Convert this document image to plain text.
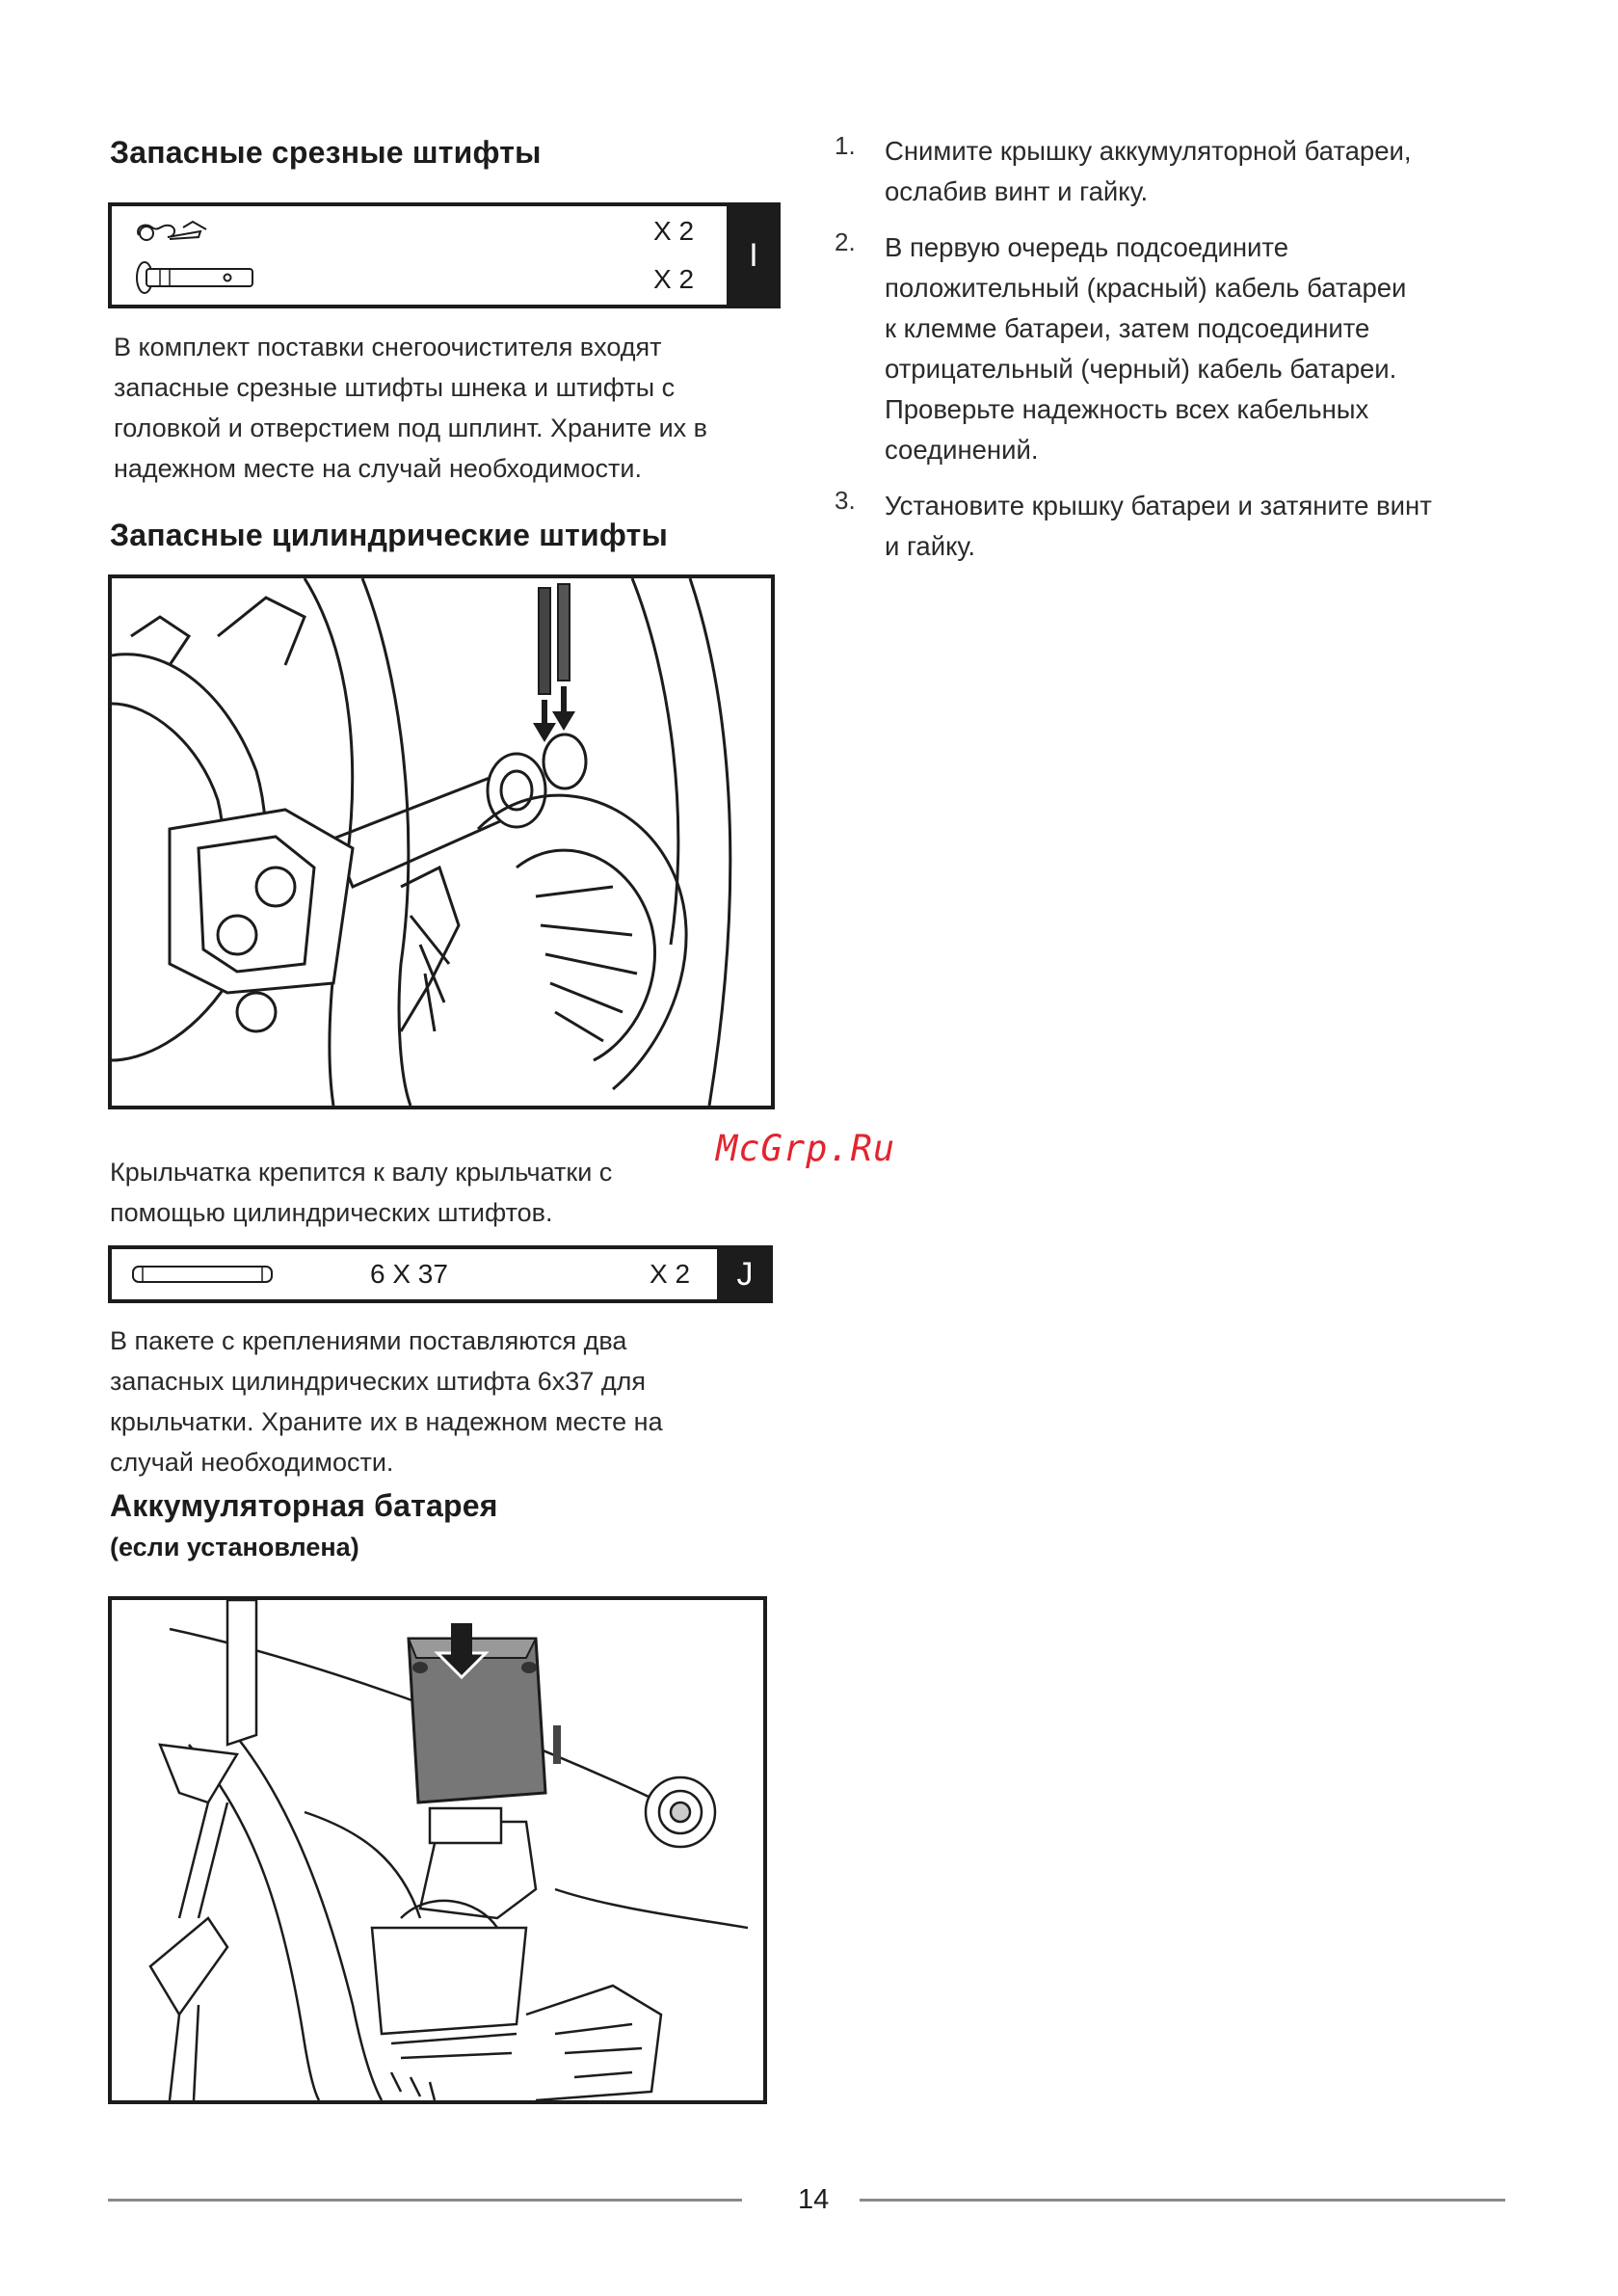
Запасные срезные штифты
X 2
X 2
I
В комплект поставки снегоочистителя входят
запасные срезные штифты шнека и штифты с
головкой и отверстием под шплинт. Храните их в
надежном месте на случай необходимости.
Запасные цилиндрические штифты
McGrp.Ru
Крыльчатка крепится к валу крыльчатки с
помощью цилиндрических штифтов.
6 X 37	X 2	J
В пакете с креплениями поставляются два
запасных цилиндрических штифта 6x37 для
крыльчатки. Храните их в надежном месте на
случай необходимости.
Аккумуляторная батарея
(если установлена)
1. Снимите крышку аккумуляторной батареи,
ослабив винт и гайку.
2. В первую очередь подсоедините
положительный (красный) кабель батареи
к клемме батареи, затем подсоедините
отрицательный (черный) кабель батареи.
Проверьте надежность всех кабельных
соединений.
3. Установите крышку батареи и затяните винт
и гайку.
14
